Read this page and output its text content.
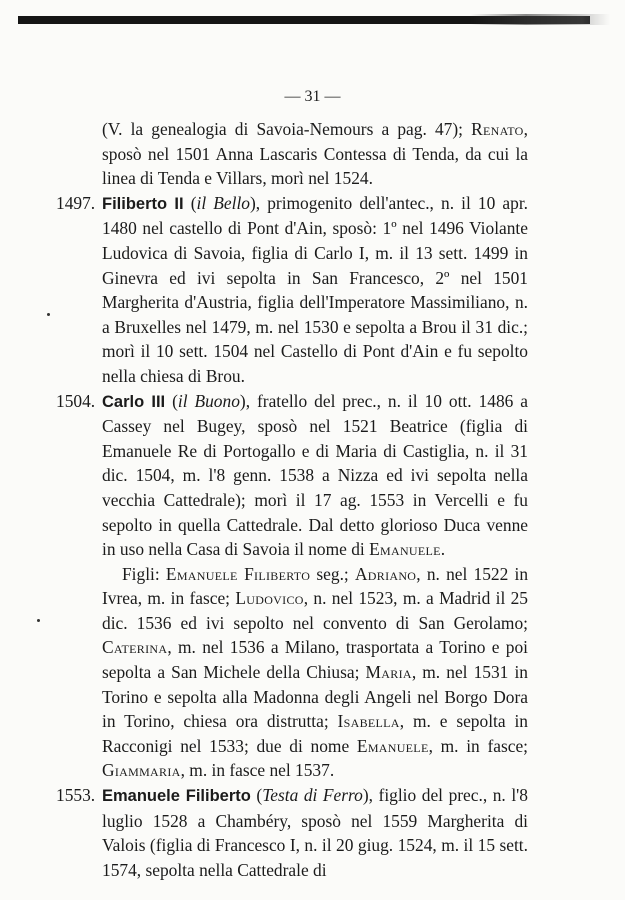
— 31 —

(V. la genealogia di Savoia-Nemours a pag. 47); Renato, sposò nel 1501 Anna Lascaris Contessa di Tenda, da cui la linea di Tenda e Villars, morì nel 1524.

1497. Filiberto II (il Bello), primogenito dell'antec., n. il 10 apr. 1480 nel castello di Pont d'Ain, sposò: 1º nel 1496 Violante Ludovica di Savoia, figlia di Carlo I, m. il 13 sett. 1499 in Ginevra ed ivi sepolta in San Francesco, 2º nel 1501 Margherita d'Austria, figlia dell'Imperatore Massimiliano, n. a Bruxelles nel 1479, m. nel 1530 e sepolta a Brou il 31 dic.; morì il 10 sett. 1504 nel Castello di Pont d'Ain e fu sepolto nella chiesa di Brou.

1504. Carlo III (il Buono), fratello del prec., n. il 10 ott. 1486 a Cassey nel Bugey, sposò nel 1521 Beatrice (figlia di Emanuele Re di Portogallo e di Maria di Castiglia, n. il 31 dic. 1504, m. l'8 genn. 1538 a Nizza ed ivi sepolta nella vecchia Cattedrale); morì il 17 ag. 1553 in Vercelli e fu sepolto in quella Cattedrale. Dal detto glorioso Duca venne in uso nella Casa di Savoia il nome di Emanuele.

Figli: Emanuele Filiberto seg.; Adriano, n. nel 1522 in Ivrea, m. in fasce; Ludovico, n. nel 1523, m. a Madrid il 25 dic. 1536 ed ivi sepolto nel convento di San Gerolamo; Caterina, m. nel 1536 a Milano, trasportata a Torino e poi sepolta a San Michele della Chiusa; Maria, m. nel 1531 in Torino e sepolta alla Madonna degli Angeli nel Borgo Dora in Torino, chiesa ora distrutta; Isabella, m. e sepolta in Racconigi nel 1533; due di nome Emanuele, m. in fasce; Giammaria, m. in fasce nel 1537.

1553. Emanuele Filiberto (Testa di Ferro), figlio del prec., n. l'8 luglio 1528 a Chambéry, sposò nel 1559 Margherita di Valois (figlia di Francesco I, n. il 20 giug. 1524, m. il 15 sett. 1574, sepolta nella Cattedrale di
